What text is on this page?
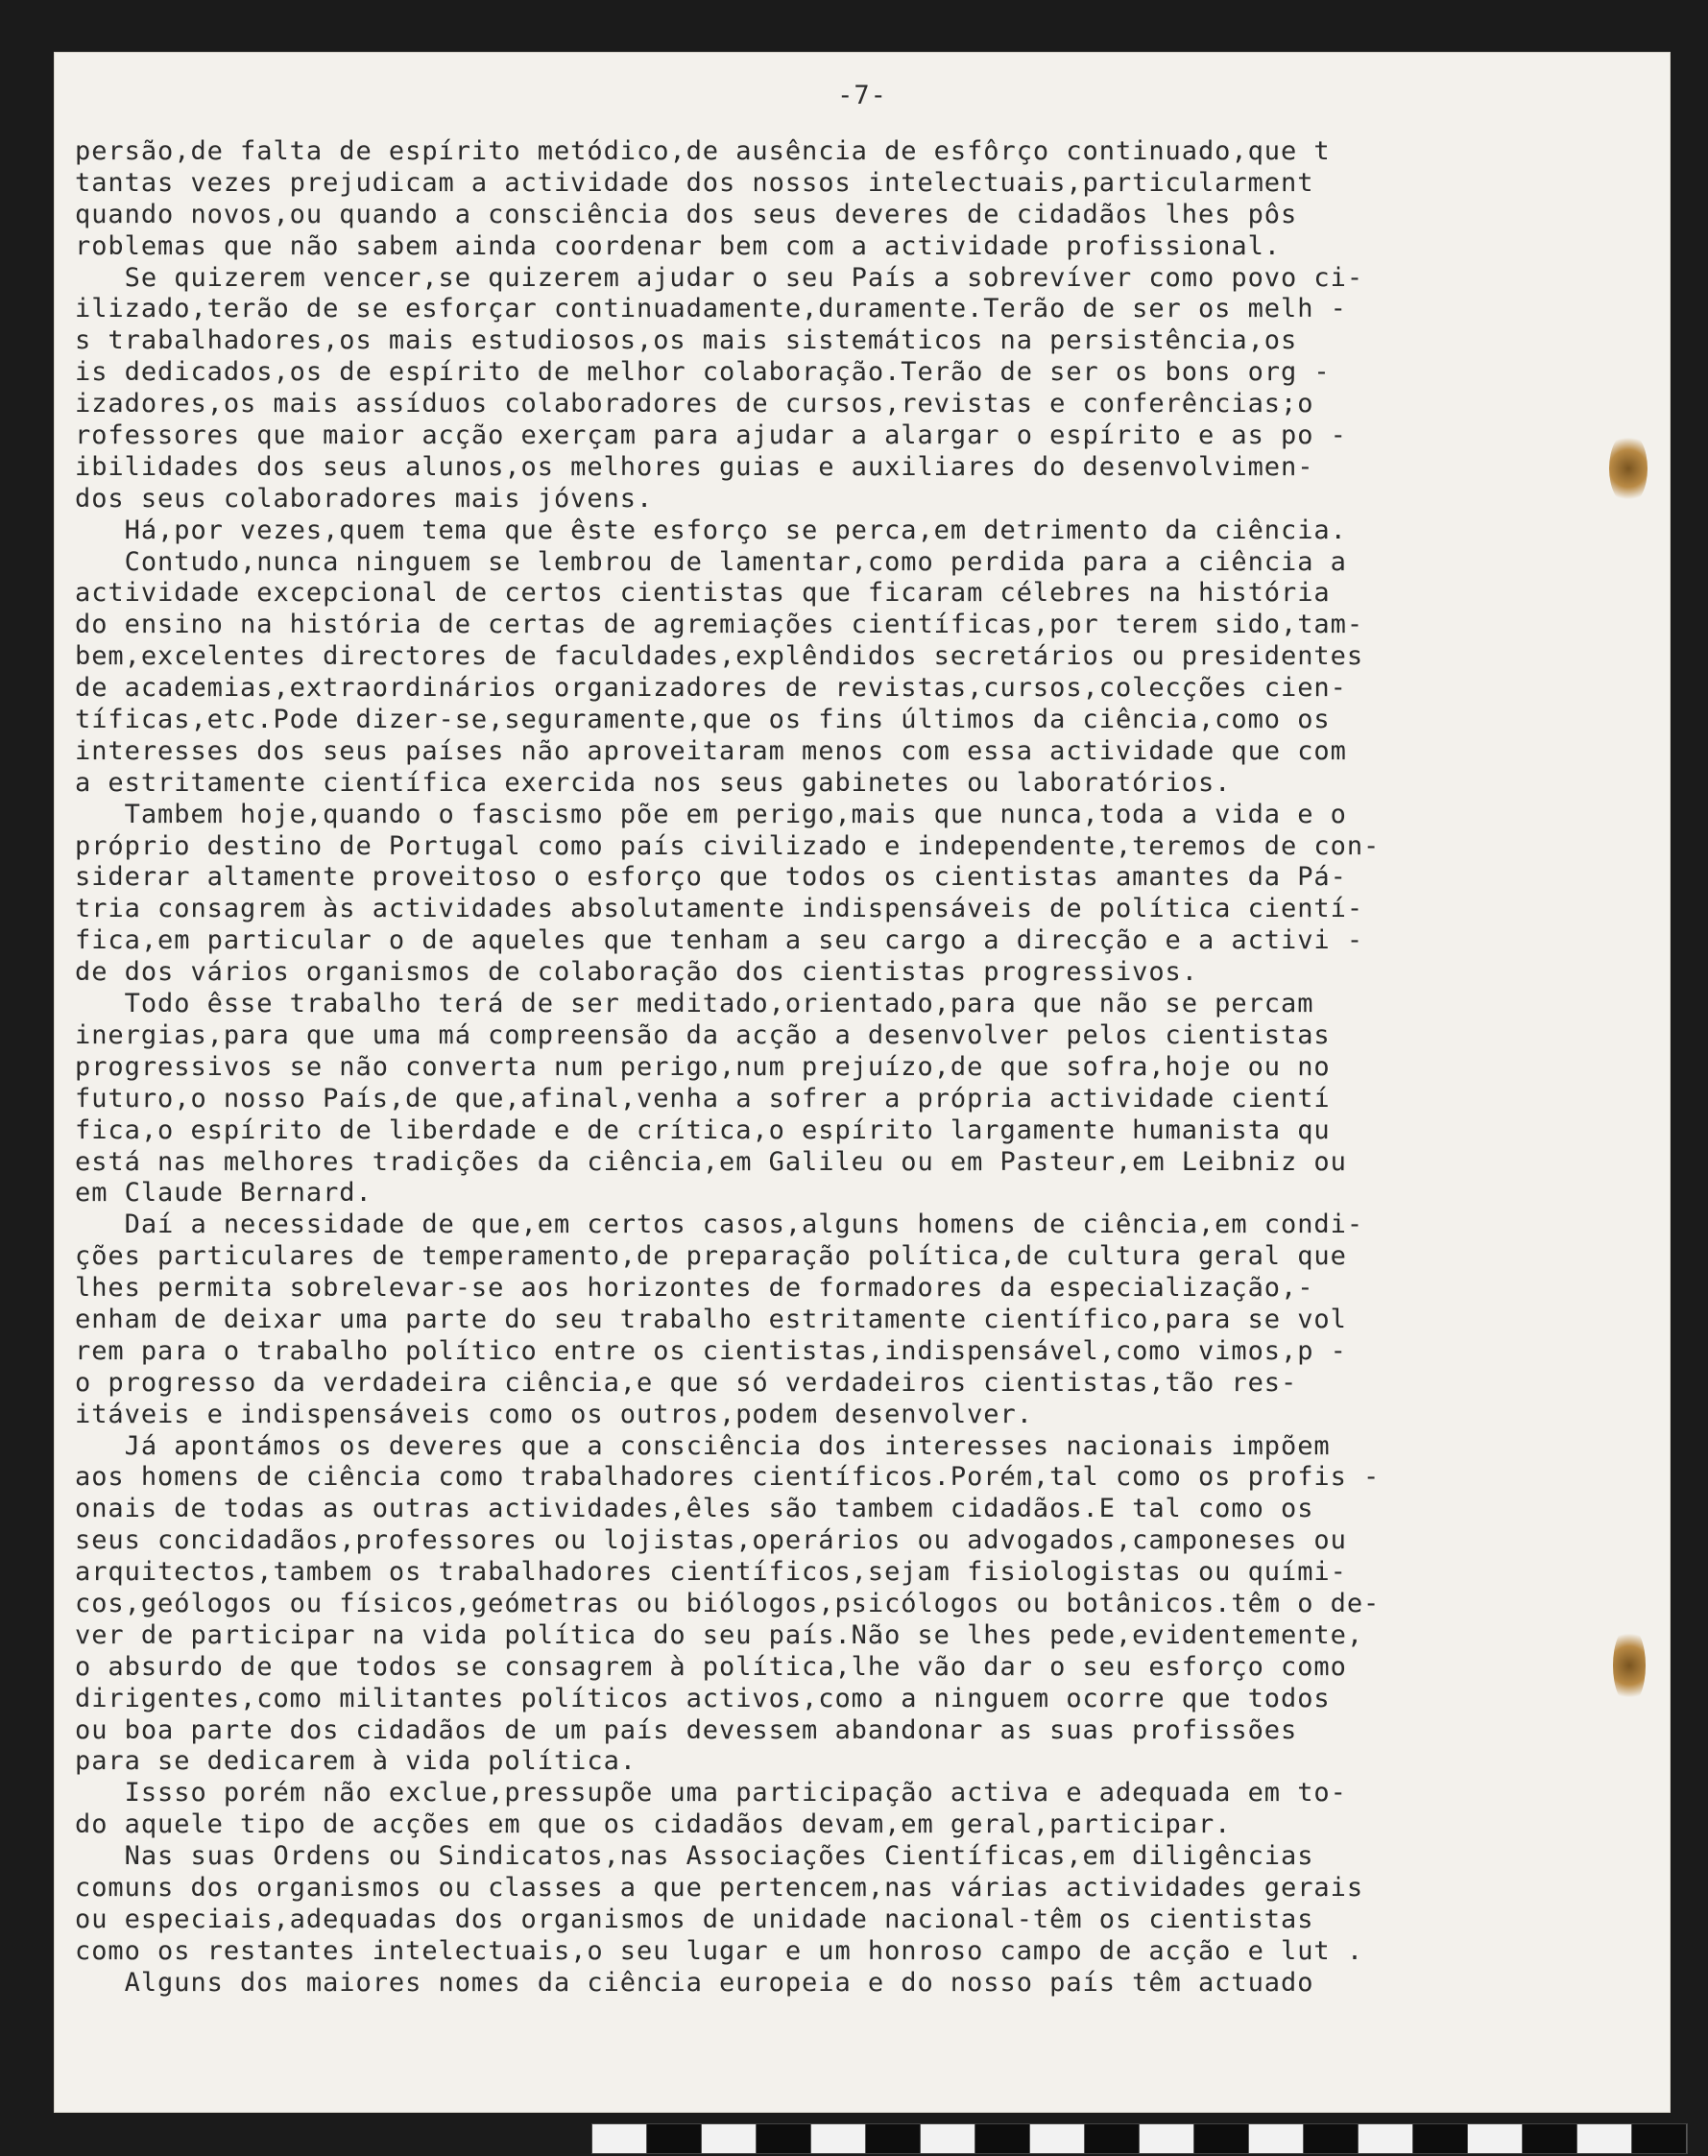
-7-
persão,de falta de espírito metódico,de ausência de esfôrço continuado,que t
tantas vezes prejudicam a actividade dos nossos intelectuais,particularment
quando novos,ou quando a consciência dos seus deveres de cidadãos lhes pôs
roblemas que não sabem ainda coordenar bem com a actividade profissional.
Se quizerem vencer,se quizerem ajudar o seu País a sobrevíver como povo ci-
ilizado,terão de se esforçar continuadamente,duramente.Terão de ser os melh -
s trabalhadores,os mais estudiosos,os mais sistemáticos na persistência,os
is dedicados,os de espírito de melhor colaboração.Terão de ser os bons org -
izadores,os mais assíduos colaboradores de cursos,revistas e conferências;o
rofessores que maior acção exerçam para ajudar a alargar o espírito e as po -
ibilidades dos seus alunos,os melhores guias e auxiliares do desenvolvimen-
dos seus colaboradores mais jóvens.
Há,por vezes,quem tema que êste esforço se perca,em detrimento da ciência.
Contudo,nunca ninguem se lembrou de lamentar,como perdida para a ciência a
actividade excepcional de certos cientistas que ficaram célebres na história
do ensino na história de certas de agremiações científicas,por terem sido,tam-
bem,excelentes directores de faculdades,explêndidos secretários ou presidentes
de academias,extraordinários organizadores de revistas,cursos,colecções cien-
tíficas,etc.Pode dizer-se,seguramente,que os fins últimos da ciência,como os
interesses dos seus países não aproveitaram menos com essa actividade que com
a estritamente científica exercida nos seus gabinetes ou laboratórios.
Tambem hoje,quando o fascismo põe em perigo,mais que nunca,toda a vida e o
próprio destino de Portugal como país civilizado e independente,teremos de con-
siderar altamente proveitoso o esforço que todos os cientistas amantes da Pá-
tria consagrem às actividades absolutamente indispensáveis de política cientí-
fica,em particular o de aqueles que tenham a seu cargo a direcção e a activi -
de dos vários organismos de colaboração dos cientistas progressivos.
Todo êsse trabalho terá de ser meditado,orientado,para que não se percam
inergias,para que uma má compreensão da acção a desenvolver pelos cientistas
progressivos se não converta num perigo,num prejuízo,de que sofra,hoje ou no
futuro,o nosso País,de que,afinal,venha a sofrer a própria actividade cientí
fica,o espírito de liberdade e de crítica,o espírito largamente humanista qu
está nas melhores tradições da ciência,em Galileu ou em Pasteur,em Leibniz ou
em Claude Bernard.
Daí a necessidade de que,em certos casos,alguns homens de ciência,em condi-
ções particulares de temperamento,de preparação política,de cultura geral que
lhes permita sobrelevar-se aos horizontes de formadores da especialização,-
enham de deixar uma parte do seu trabalho estritamente científico,para se vol
rem para o trabalho político entre os cientistas,indispensável,como vimos,p -
o progresso da verdadeira ciência,e que só verdadeiros cientistas,tão res-
itáveis e indispensáveis como os outros,podem desenvolver.
Já apontámos os deveres que a consciência dos interesses nacionais impõem
aos homens de ciência como trabalhadores científicos.Porém,tal como os profis -
onais de todas as outras actividades,êles são tambem cidadãos.E tal como os
seus concidadãos,professores ou lojistas,operários ou advogados,camponeses ou
arquitectos,tambem os trabalhadores científicos,sejam fisiologistas ou quími-
cos,geólogos ou físicos,geómetras ou biólogos,psicólogos ou botânicos.têm o de-
ver de participar na vida política do seu país.Não se lhes pede,evidentemente,
o absurdo de que todos se consagrem à política,lhe vão dar o seu esforço como
dirigentes,como militantes políticos activos,como a ninguem ocorre que todos
ou boa parte dos cidadãos de um país devessem abandonar as suas profissões
para se dedicarem à vida política.
Issso porém não exclue,pressupõe uma participação activa e adequada em to-
do aquele tipo de acções em que os cidadãos devam,em geral,participar.
Nas suas Ordens ou Sindicatos,nas Associações Científicas,em diligências
comuns dos organismos ou classes a que pertencem,nas várias actividades gerais
ou especiais,adequadas dos organismos de unidade nacional-têm os cientistas
como os restantes intelectuais,o seu lugar e um honroso campo de acção e lut .
Alguns dos maiores nomes da ciência europeia e do nosso país têm actuado
